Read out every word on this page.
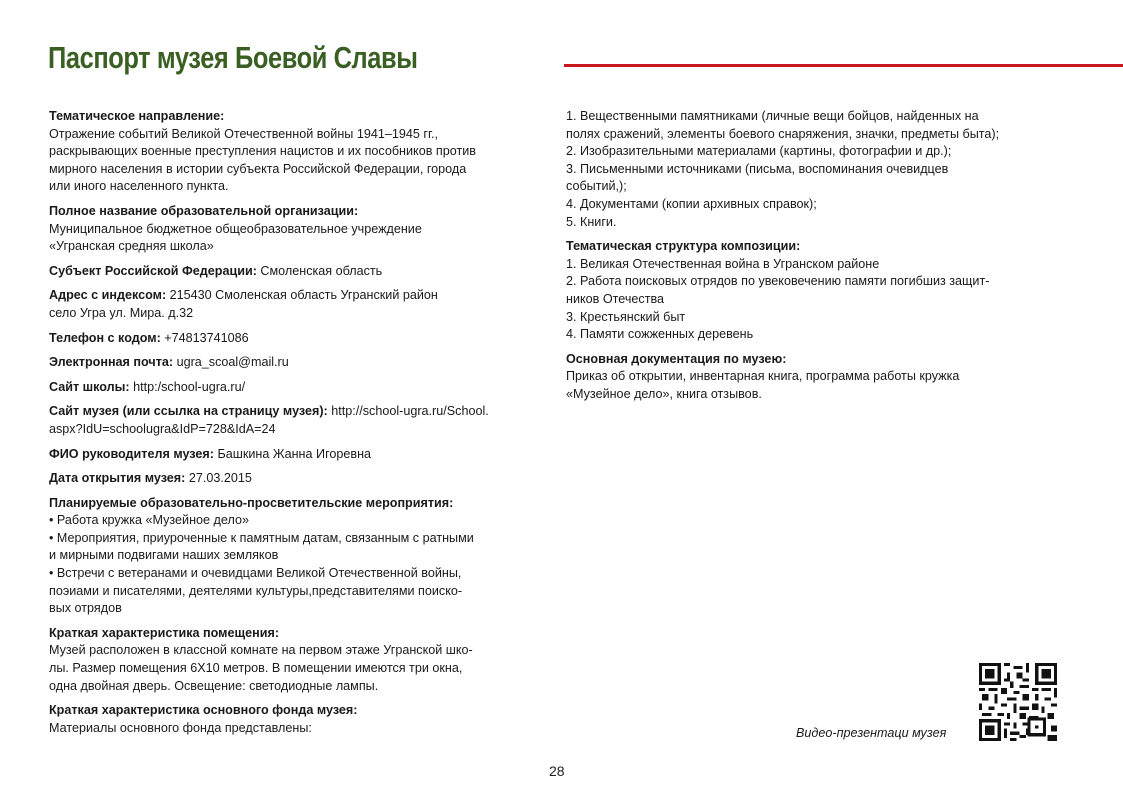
Паспорт музея Боевой Славы
Тематическое направление:
Отражение событий Великой Отечественной войны 1941–1945 гг.,
раскрывающих военные преступления нацистов и их пособников против
мирного населения в истории субъекта Российской Федерации, города
или иного населенного пункта.
Полное название образовательной организации:
Муниципальное бюджетное общеобразовательное учреждение
«Угранская средняя школа»
Субъект Российской Федерации: Смоленская область
Адрес с индексом: 215430 Смоленская область Угранский район
село Угра ул. Мира. д.32
Телефон с кодом: +74813741086
Электронная почта: ugra_scoal@mail.ru
Сайт школы: http:/school-ugra.ru/
Сайт музея (или ссылка на страницу музея): http://school-ugra.ru/School.
aspx?IdU=schoolugra&IdP=728&IdA=24
ФИО руководителя музея: Башкина Жанна Игоревна
Дата открытия музея: 27.03.2015
Планируемые образовательно-просветительские мероприятия:
• Работа кружка «Музейное дело»
• Мероприятия, приуроченные к памятным датам, связанным с ратными
и мирными подвигами наших земляков
• Встречи с ветеранами и очевидцами Великой Отечественной войны,
поэиами и писателями, деятелями культуры,представителями поиско-
вых отрядов
Краткая характеристика помещения:
Музей расположен в классной комнате на первом этаже Угранской шко-
лы. Размер помещения 6Х10 метров. В помещении имеются три окна,
одна двойная дверь. Освещение: светодиодные лампы.
Краткая характеристика основного фонда музея:
Материалы основного фонда представлены:
1. Вещественными памятниками (личные вещи бойцов, найденных на
полях сражений, элементы боевого снаряжения, значки, предметы быта);
2. Изобразительными материалами (картины, фотографии и др.);
3. Письменными источниками (письма, воспоминания очевидцев
событий,);
4. Документами (копии архивных справок);
5. Книги.
Тематическая структура композиции:
1. Великая Отечественная война в Угранском районе
2. Работа поисковых отрядов по увековечению памяти погибшиз защит-
ников Отечества
3. Крестьянский быт
4. Памяти сожженных деревень
Основная документация по музею:
Приказ об открытии, инвентарная книга, программа работы кружка
«Музейное дело», книга отзывов.
Видео-презентаци музея
28
